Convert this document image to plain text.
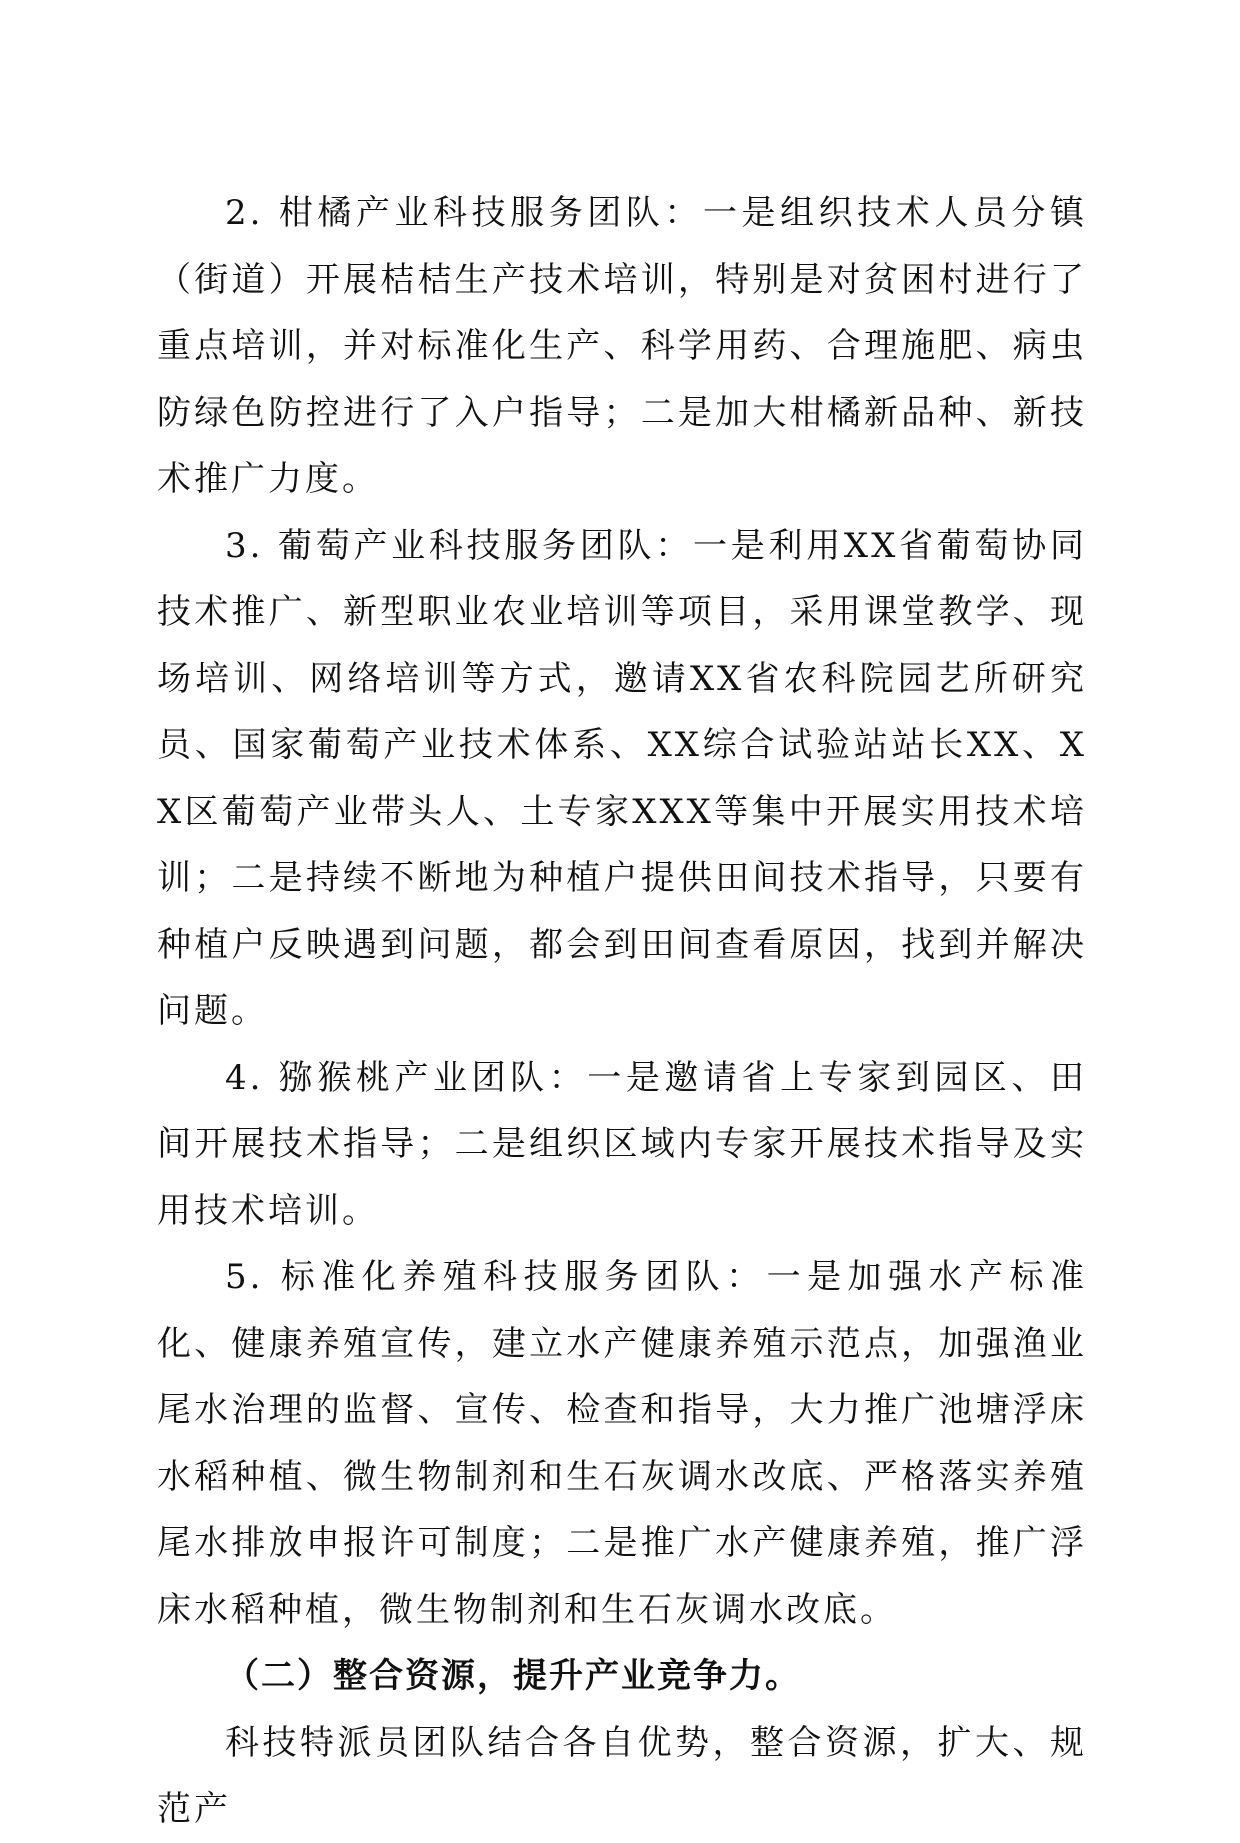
2. 柑橘产业科技服务团队：一是组织技术人员分镇（街道）开展桔桔生产技术培训，特别是对贫困村进行了重点培训，并对标准化生产、科学用药、合理施肥、病虫防绿色防控进行了入户指导；二是加大柑橘新品种、新技术推广力度。

3. 葡萄产业科技服务团队：一是利用XX省葡萄协同技术推广、新型职业农业培训等项目，采用课堂教学、现场培训、网络培训等方式，邀请XX省农科院园艺所研究员、国家葡萄产业技术体系、XX综合试验站站长XX、XX区葡萄产业带头人、土专家XXX等集中开展实用技术培训；二是持续不断地为种植户提供田间技术指导，只要有种植户反映遇到问题，都会到田间查看原因，找到并解决问题。

4. 猕猴桃产业团队：一是邀请省上专家到园区、田间开展技术指导；二是组织区域内专家开展技术指导及实用技术培训。

5. 标准化养殖科技服务团队：一是加强水产标准化、健康养殖宣传，建立水产健康养殖示范点，加强渔业尾水治理的监督、宣传、检查和指导，大力推广池塘浮床水稻种植、微生物制剂和生石灰调水改底、严格落实养殖尾水排放申报许可制度；二是推广水产健康养殖，推广浮床水稻种植，微生物制剂和生石灰调水改底。

（二）整合资源，提升产业竞争力。

科技特派员团队结合各自优势，整合资源，扩大、规范产
